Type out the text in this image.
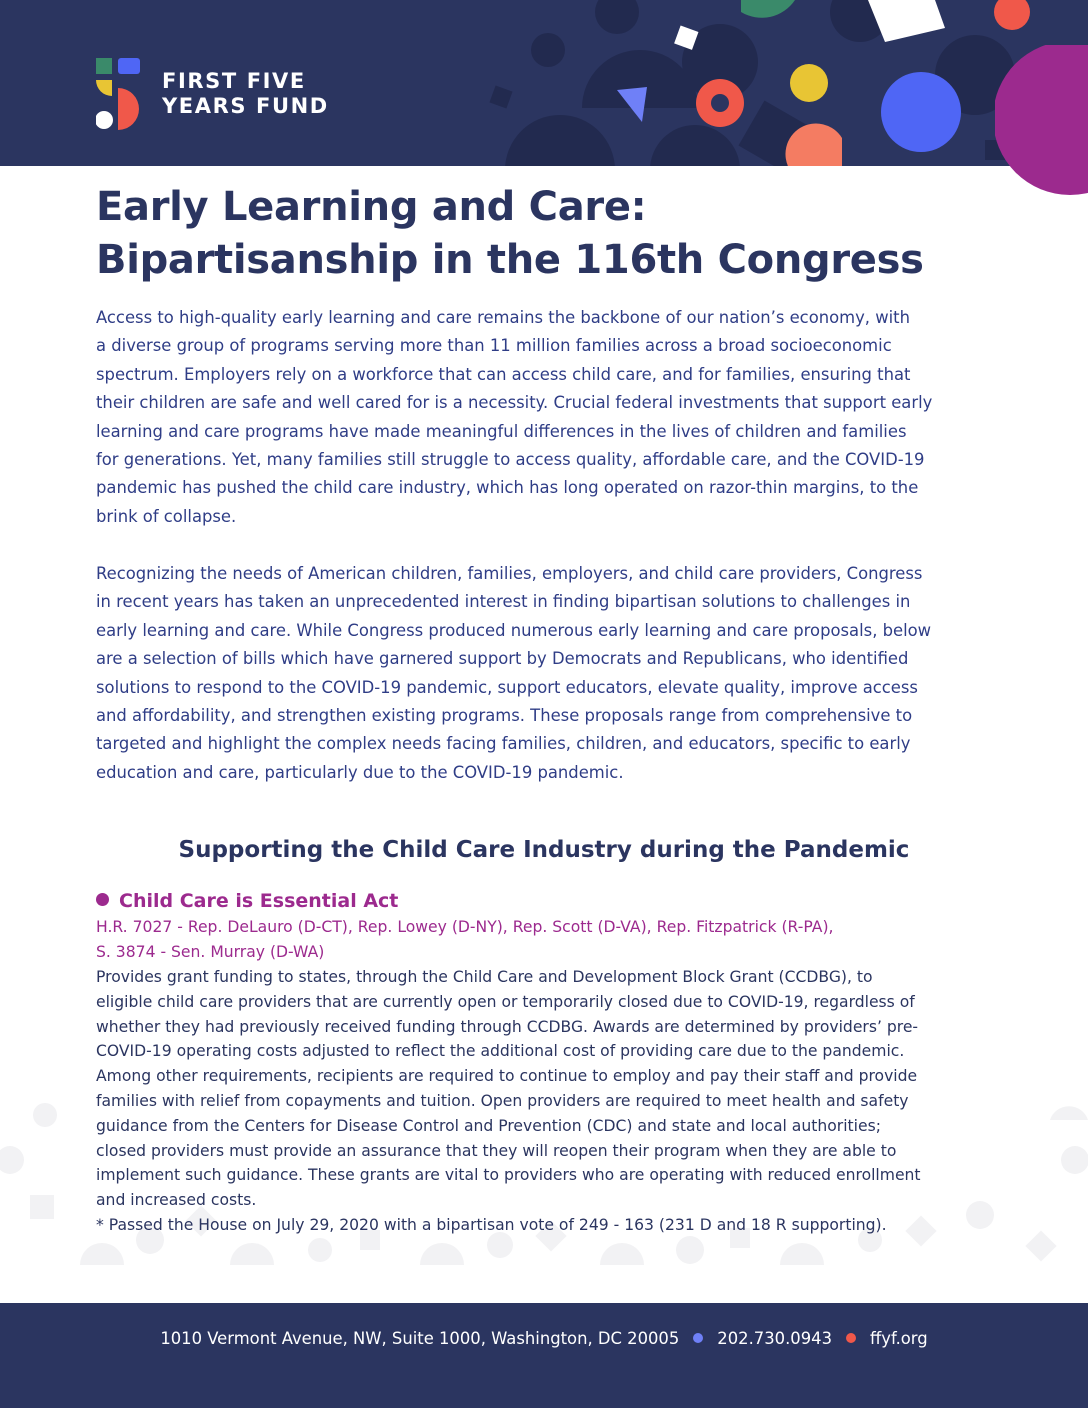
FIRST FIVE
YEARS FUND
Early Learning and Care:
Bipartisanship in the 116th Congress

Access to high-quality early learning and care remains the backbone of our nation’s economy, with
a diverse group of programs serving more than 11 million families across a broad socioeconomic
spectrum. Employers rely on a workforce that can access child care, and for families, ensuring that
their children are safe and well cared for is a necessity. Crucial federal investments that support early
learning and care programs have made meaningful differences in the lives of children and families
for generations. Yet, many families still struggle to access quality, affordable care, and the COVID-19
pandemic has pushed the child care industry, which has long operated on razor-thin margins, to the
brink of collapse.

Recognizing the needs of American children, families, employers, and child care providers, Congress
in recent years has taken an unprecedented interest in finding bipartisan solutions to challenges in
early learning and care. While Congress produced numerous early learning and care proposals, below
are a selection of bills which have garnered support by Democrats and Republicans, who identified
solutions to respond to the COVID-19 pandemic, support educators, elevate quality, improve access
and affordability, and strengthen existing programs. These proposals range from comprehensive to
targeted and highlight the complex needs facing families, children, and educators, specific to early
education and care, particularly due to the COVID-19 pandemic.

Supporting the Child Care Industry during the Pandemic
Child Care is Essential Act
H.R. 7027 - Rep. DeLauro (D-CT), Rep. Lowey (D-NY), Rep. Scott (D-VA), Rep. Fitzpatrick (R-PA),
S. 3874 - Sen. Murray (D-WA)
Provides grant funding to states, through the Child Care and Development Block Grant (CCDBG), to
eligible child care providers that are currently open or temporarily closed due to COVID-19, regardless of
whether they had previously received funding through CCDBG. Awards are determined by providers’ pre-
COVID-19 operating costs adjusted to reflect the additional cost of providing care due to the pandemic.
Among other requirements, recipients are required to continue to employ and pay their staff and provide
families with relief from copayments and tuition. Open providers are required to meet health and safety
guidance from the Centers for Disease Control and Prevention (CDC) and state and local authorities;
closed providers must provide an assurance that they will reopen their program when they are able to
implement such guidance. These grants are vital to providers who are operating with reduced enrollment
and increased costs.
* Passed the House on July 29, 2020 with a bipartisan vote of 249 - 163 (231 D and 18 R supporting).
1010 Vermont Avenue, NW, Suite 1000, Washington, DC 20005 202.730.0943 ffyf.org
